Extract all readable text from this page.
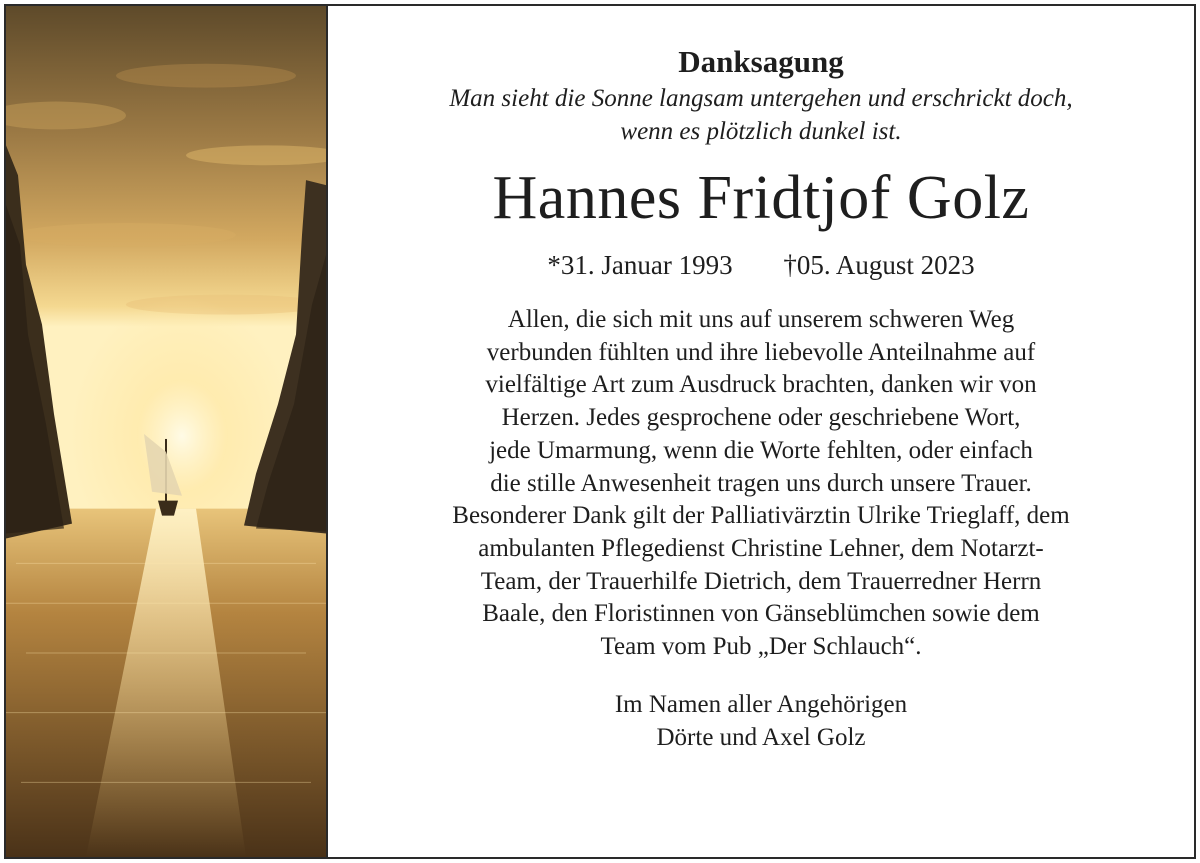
Danksagung
Man sieht die Sonne langsam untergehen und erschrickt doch,
wenn es plötzlich dunkel ist.
Hannes Fridtjof Golz
*31. Januar 1993 †05. August 2023
Allen, die sich mit uns auf unserem schweren Weg
verbunden fühlten und ihre liebevolle Anteilnahme auf
vielfältige Art zum Ausdruck brachten, danken wir von
Herzen. Jedes gesprochene oder geschriebene Wort,
jede Umarmung, wenn die Worte fehlten, oder einfach
die stille Anwesenheit tragen uns durch unsere Trauer.
Besonderer Dank gilt der Palliativärztin Ulrike Trieglaff, dem
ambulanten Pflegedienst Christine Lehner, dem Notarzt-
Team, der Trauerhilfe Dietrich, dem Trauerredner Herrn
Baale, den Floristinnen von Gänseblümchen sowie dem
Team vom Pub „Der Schlauch“.
Im Namen aller Angehörigen
Dörte und Axel Golz
